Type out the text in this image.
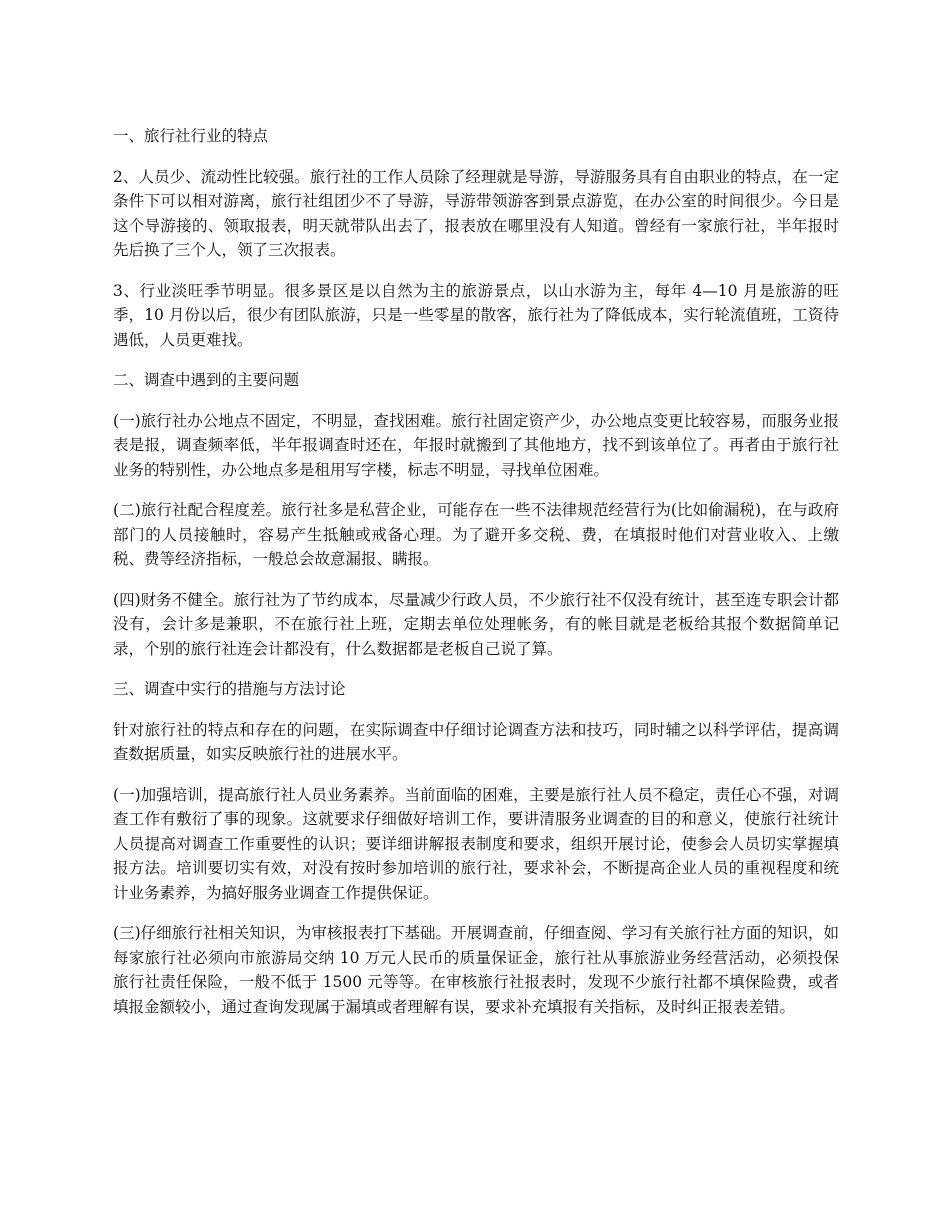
一、旅行社行业的特点

2、人员少、流动性比较强。旅行社的工作人员除了经理就是导游，导游服务具有自由职业的特点，在一定条件下可以相对游离，旅行社组团少不了导游，导游带领游客到景点游览，在办公室的时间很少。今日是这个导游接的、领取报表，明天就带队出去了，报表放在哪里没有人知道。曾经有一家旅行社，半年报时先后换了三个人，领了三次报表。

3、行业淡旺季节明显。很多景区是以自然为主的旅游景点，以山水游为主，每年 4—10 月是旅游的旺季，10 月份以后，很少有团队旅游，只是一些零星的散客，旅行社为了降低成本，实行轮流值班，工资待遇低，人员更难找。

二、调查中遇到的主要问题

(一)旅行社办公地点不固定，不明显，查找困难。旅行社固定资产少，办公地点变更比较容易，而服务业报表是报，调查频率低，半年报调查时还在，年报时就搬到了其他地方，找不到该单位了。再者由于旅行社业务的特别性，办公地点多是租用写字楼，标志不明显，寻找单位困难。

(二)旅行社配合程度差。旅行社多是私营企业，可能存在一些不法律规范经营行为(比如偷漏税)，在与政府部门的人员接触时，容易产生抵触或戒备心理。为了避开多交税、费，在填报时他们对营业收入、上缴税、费等经济指标，一般总会故意漏报、瞒报。

(四)财务不健全。旅行社为了节约成本，尽量减少行政人员，不少旅行社不仅没有统计，甚至连专职会计都没有，会计多是兼职，不在旅行社上班，定期去单位处理帐务，有的帐目就是老板给其报个数据简单记录，个别的旅行社连会计都没有，什么数据都是老板自己说了算。

三、调查中实行的措施与方法讨论

针对旅行社的特点和存在的问题，在实际调查中仔细讨论调查方法和技巧，同时辅之以科学评估，提高调查数据质量，如实反映旅行社的进展水平。

(一)加强培训，提高旅行社人员业务素养。当前面临的困难，主要是旅行社人员不稳定，责任心不强，对调查工作有敷衍了事的现象。这就要求仔细做好培训工作，要讲清服务业调查的目的和意义，使旅行社统计人员提高对调查工作重要性的认识；要详细讲解报表制度和要求，组织开展讨论，使参会人员切实掌握填报方法。培训要切实有效，对没有按时参加培训的旅行社，要求补会，不断提高企业人员的重视程度和统计业务素养，为搞好服务业调查工作提供保证。

(三)仔细旅行社相关知识，为审核报表打下基础。开展调查前，仔细查阅、学习有关旅行社方面的知识，如每家旅行社必须向市旅游局交纳 10 万元人民币的质量保证金，旅行社从事旅游业务经营活动，必须投保旅行社责任保险，一般不低于 1500 元等等。在审核旅行社报表时，发现不少旅行社都不填保险费，或者填报金额较小，通过查询发现属于漏填或者理解有误，要求补充填报有关指标，及时纠正报表差错。
